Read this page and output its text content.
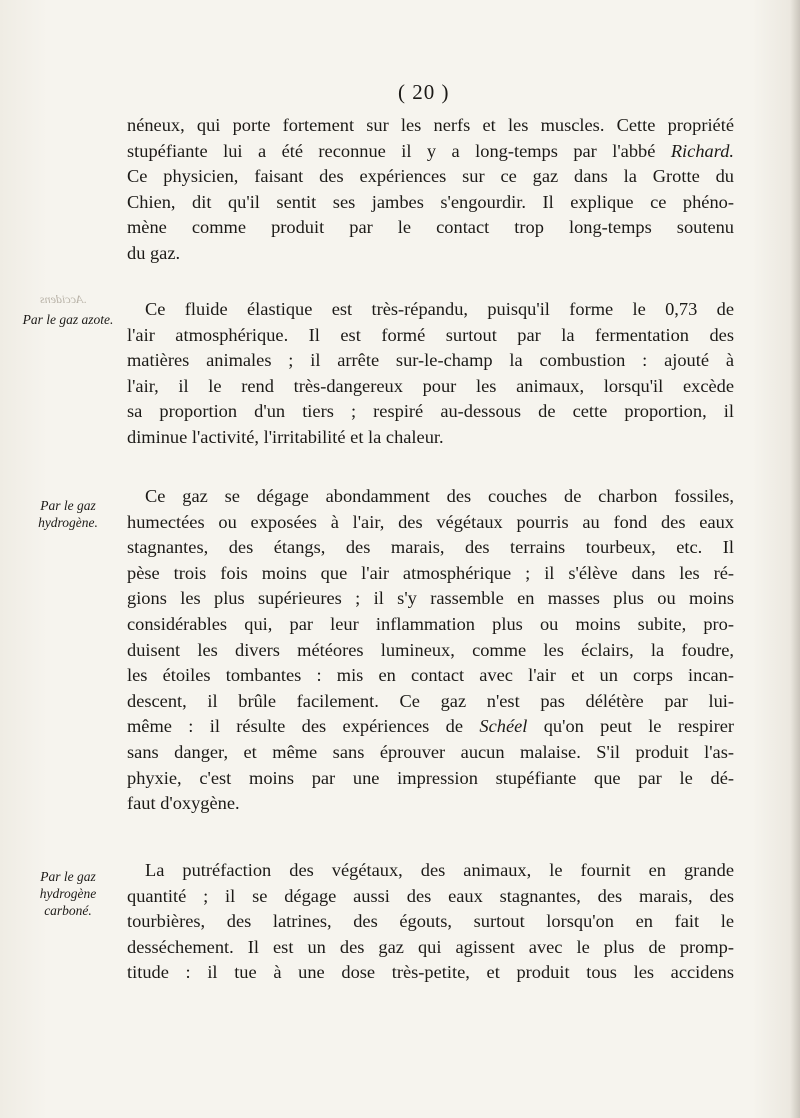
( 20 )
.Accidens
néneux, qui porte fortement sur les nerfs et les muscles. Cette propriété
stupéfiante lui a été reconnue il y a long-temps par l'abbé Richard.
Ce physicien, faisant des expériences sur ce gaz dans la Grotte du
Chien, dit qu'il sentit ses jambes s'engourdir. Il explique ce phéno-
mène comme produit par le contact trop long-temps soutenu
du gaz.
Par le gaz azote.
Ce fluide élastique est très-répandu, puisqu'il forme le 0,73 de
l'air atmosphérique. Il est formé surtout par la fermentation des
matières animales ; il arrête sur-le-champ la combustion : ajouté à
l'air, il le rend très-dangereux pour les animaux, lorsqu'il excède
sa proportion d'un tiers ; respiré au-dessous de cette proportion, il
diminue l'activité, l'irritabilité et la chaleur.
Par le gaz hydrogène.
Ce gaz se dégage abondamment des couches de charbon fossiles,
humectées ou exposées à l'air, des végétaux pourris au fond des eaux
stagnantes, des étangs, des marais, des terrains tourbeux, etc. Il
pèse trois fois moins que l'air atmosphérique ; il s'élève dans les ré-
gions les plus supérieures ; il s'y rassemble en masses plus ou moins
considérables qui, par leur inflammation plus ou moins subite, pro-
duisent les divers météores lumineux, comme les éclairs, la foudre,
les étoiles tombantes : mis en contact avec l'air et un corps incan-
descent, il brûle facilement. Ce gaz n'est pas délétère par lui-
même : il résulte des expériences de Schéel qu'on peut le respirer
sans danger, et même sans éprouver aucun malaise. S'il produit l'as-
phyxie, c'est moins par une impression stupéfiante que par le dé-
faut d'oxygène.
Par le gaz hydrogène carboné.
La putréfaction des végétaux, des animaux, le fournit en grande
quantité ; il se dégage aussi des eaux stagnantes, des marais, des
tourbières, des latrines, des égouts, surtout lorsqu'on en fait le
desséchement. Il est un des gaz qui agissent avec le plus de promp-
titude : il tue à une dose très-petite, et produit tous les accidens
